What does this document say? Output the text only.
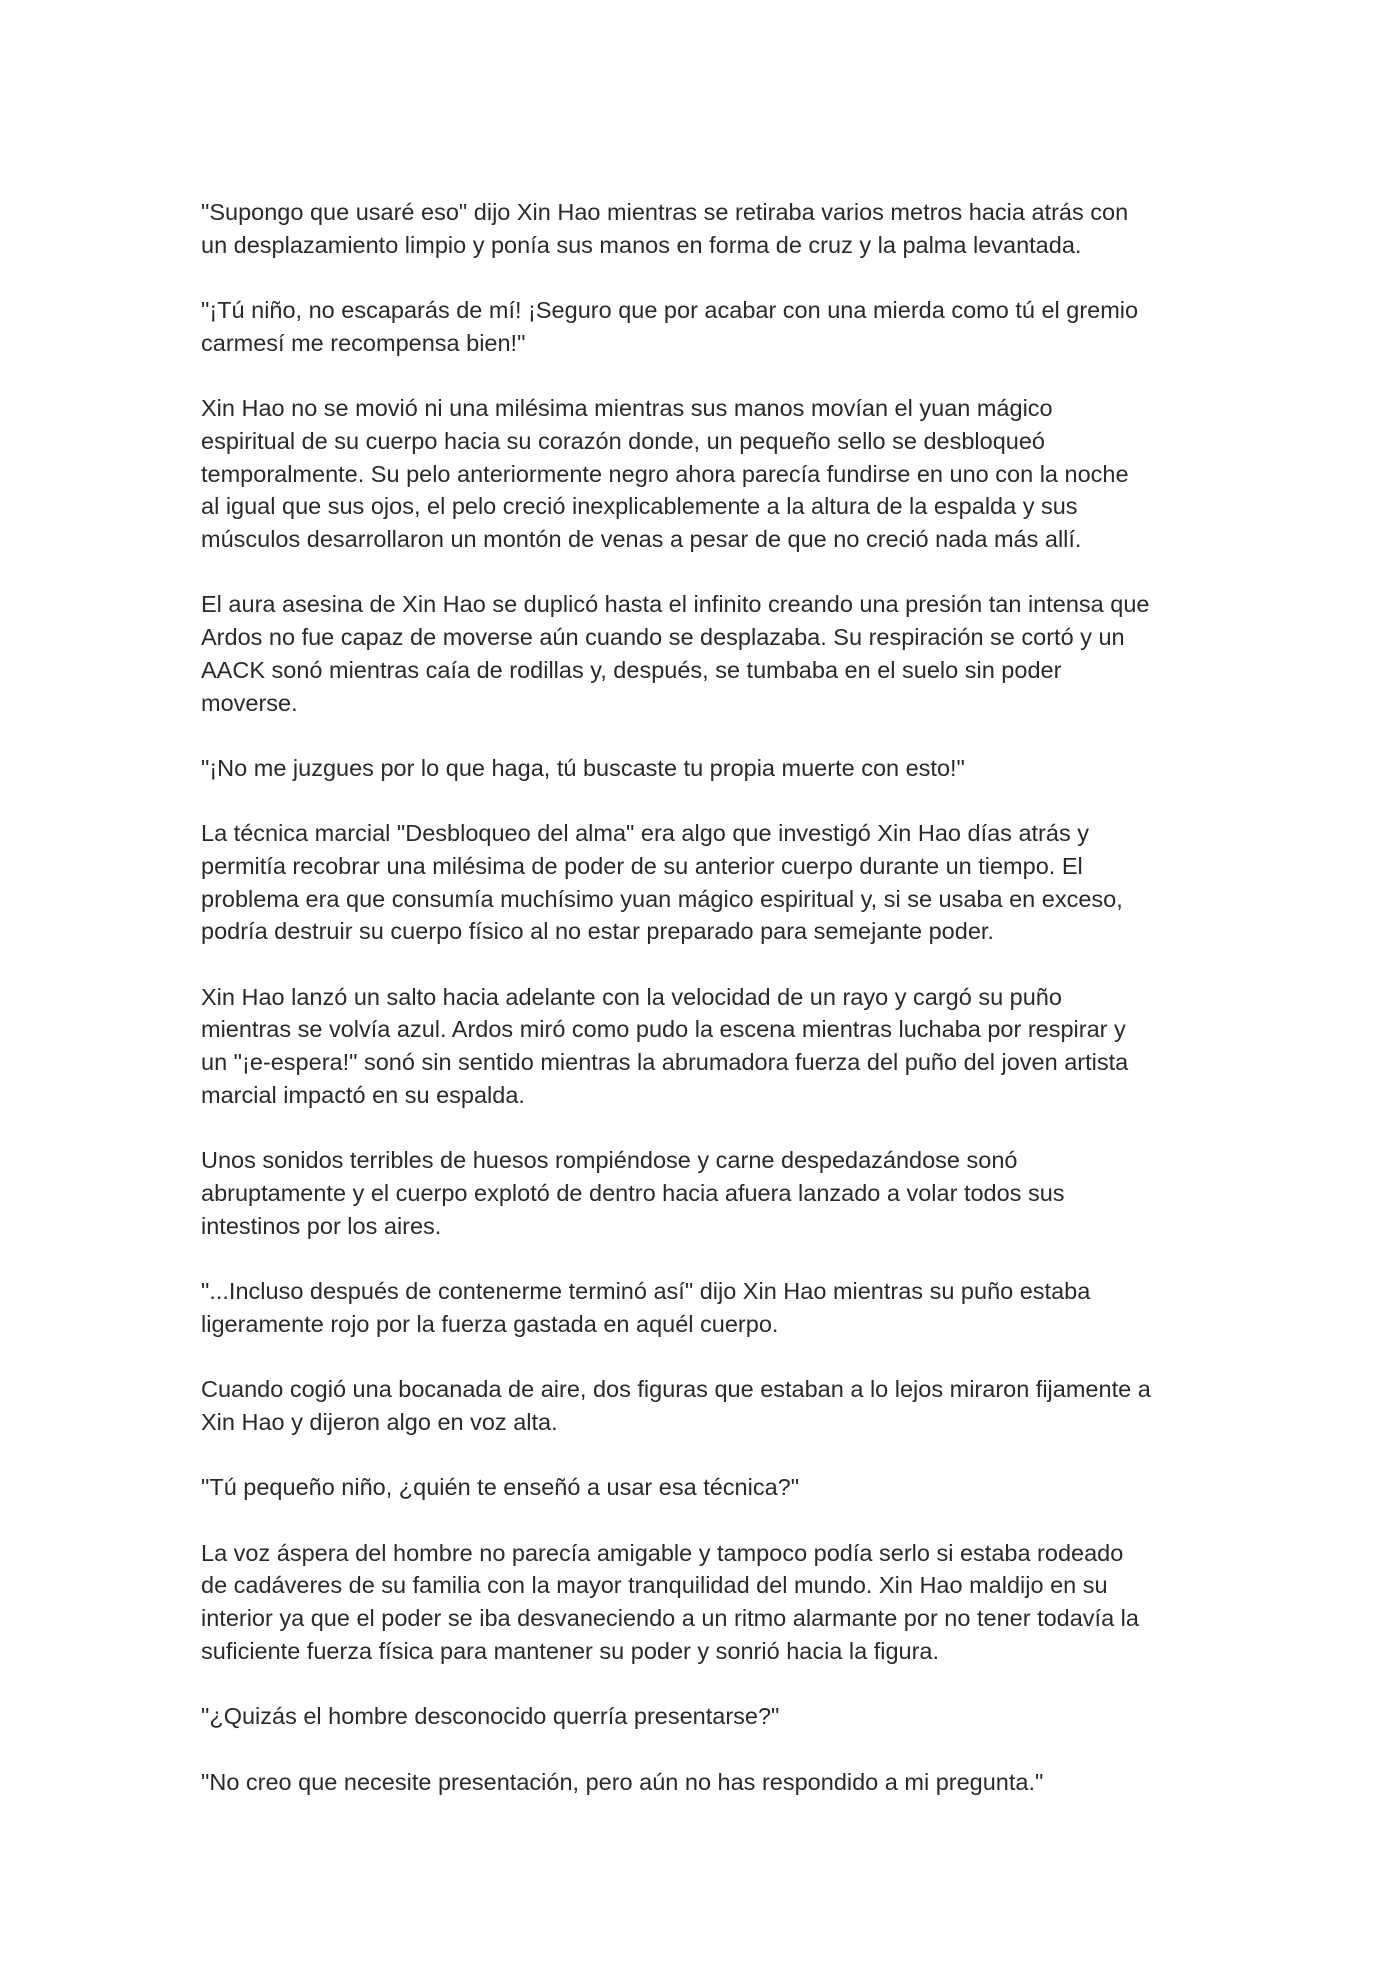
"Supongo que usaré eso" dijo Xin Hao mientras se retiraba varios metros hacia atrás con
un desplazamiento limpio y ponía sus manos en forma de cruz y la palma levantada.

"¡Tú niño, no escaparás de mí! ¡Seguro que por acabar con una mierda como tú el gremio
carmesí me recompensa bien!"

Xin Hao no se movió ni una milésima mientras sus manos movían el yuan mágico
espiritual de su cuerpo hacia su corazón donde, un pequeño sello se desbloqueó
temporalmente. Su pelo anteriormente negro ahora parecía fundirse en uno con la noche
al igual que sus ojos, el pelo creció inexplicablemente a la altura de la espalda y sus
músculos desarrollaron un montón de venas a pesar de que no creció nada más allí.

El aura asesina de Xin Hao se duplicó hasta el infinito creando una presión tan intensa que
Ardos no fue capaz de moverse aún cuando se desplazaba. Su respiración se cortó y un
AACK sonó mientras caía de rodillas y, después, se tumbaba en el suelo sin poder
moverse.

"¡No me juzgues por lo que haga, tú buscaste tu propia muerte con esto!"

La técnica marcial "Desbloqueo del alma" era algo que investigó Xin Hao días atrás y
permitía recobrar una milésima de poder de su anterior cuerpo durante un tiempo. El
problema era que consumía muchísimo yuan mágico espiritual y, si se usaba en exceso,
podría destruir su cuerpo físico al no estar preparado para semejante poder.

Xin Hao lanzó un salto hacia adelante con la velocidad de un rayo y cargó su puño
mientras se volvía azul. Ardos miró como pudo la escena mientras luchaba por respirar y
un "¡e-espera!" sonó sin sentido mientras la abrumadora fuerza del puño del joven artista
marcial impactó en su espalda.

Unos sonidos terribles de huesos rompiéndose y carne despedazándose sonó
abruptamente y el cuerpo explotó de dentro hacia afuera lanzado a volar todos sus
intestinos por los aires.

"...Incluso después de contenerme terminó así" dijo Xin Hao mientras su puño estaba
ligeramente rojo por la fuerza gastada en aquél cuerpo.

Cuando cogió una bocanada de aire, dos figuras que estaban a lo lejos miraron fijamente a
Xin Hao y dijeron algo en voz alta.

"Tú pequeño niño, ¿quién te enseñó a usar esa técnica?"

La voz áspera del hombre no parecía amigable y tampoco podía serlo si estaba rodeado
de cadáveres de su familia con la mayor tranquilidad del mundo. Xin Hao maldijo en su
interior ya que el poder se iba desvaneciendo a un ritmo alarmante por no tener todavía la
suficiente fuerza física para mantener su poder y sonrió hacia la figura.

"¿Quizás el hombre desconocido querría presentarse?"

"No creo que necesite presentación, pero aún no has respondido a mi pregunta."
